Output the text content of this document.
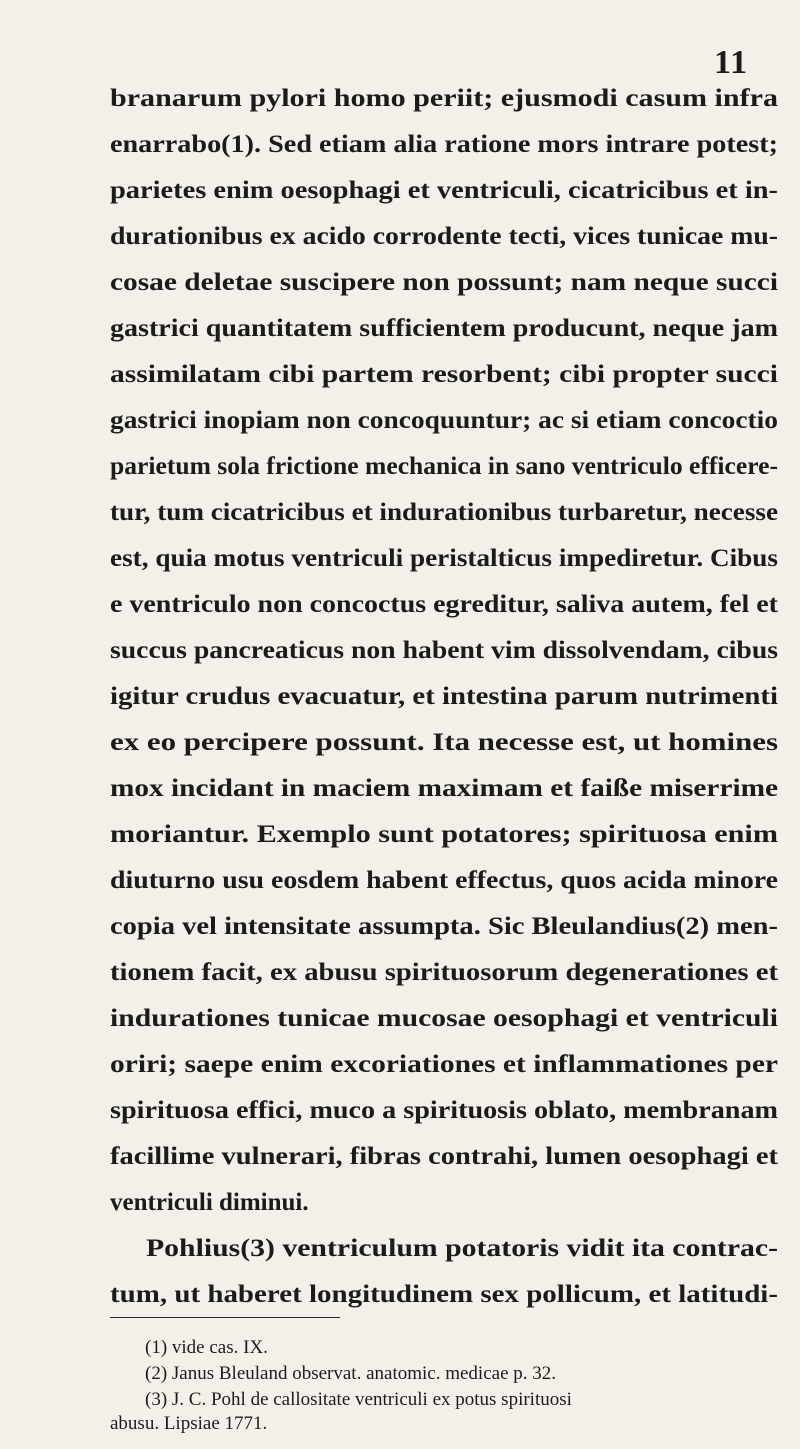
11
branarum pylori homo periit; ejusmodi casum infra
enarrabo(1). Sed etiam alia ratione mors intrare potest;
parietes enim oesophagi et ventriculi, cicatricibus et in-
durationibus ex acido corrodente tecti, vices tunicae mu-
cosae deletae suscipere non possunt; nam neque succi
gastrici quantitatem sufficientem producunt, neque jam
assimilatam cibi partem resorbent; cibi propter succi
gastrici inopiam non concoquuntur; ac si etiam concoctio
parietum sola frictione mechanica in sano ventriculo efficere-
tur, tum cicatricibus et indurationibus turbaretur, necesse
est, quia motus ventriculi peristalticus impediretur. Cibus
e ventriculo non concoctus egreditur, saliva autem, fel et
succus pancreaticus non habent vim dissolvendam, cibus
igitur crudus evacuatur, et intestina parum nutrimenti
ex eo percipere possunt. Ita necesse est, ut homines
mox incidant in maciem maximam et faiße miserrime
moriantur. Exemplo sunt potatores; spirituosa enim
diuturno usu eosdem habent effectus, quos acida minore
copia vel intensitate assumpta. Sic Bleulandius(2) men-
tionem facit, ex abusu spirituosorum degenerationes et
indurationes tunicae mucosae oesophagi et ventriculi
oriri; saepe enim excoriationes et inflammationes per
spirituosa effici, muco a spirituosis oblato, membranam
facillime vulnerari, fibras contrahi, lumen oesophagi et
ventriculi diminui.
Pohlius(3) ventriculum potatoris vidit ita contrac-
tum, ut haberet longitudinem sex pollicum, et latitudi-
(1) vide cas. IX.
(2) Janus Bleuland observat. anatomic. medicae p. 32.
(3) J. C. Pohl de callositate ventriculi ex potus spirituosi
abusu. Lipsiae 1771.
